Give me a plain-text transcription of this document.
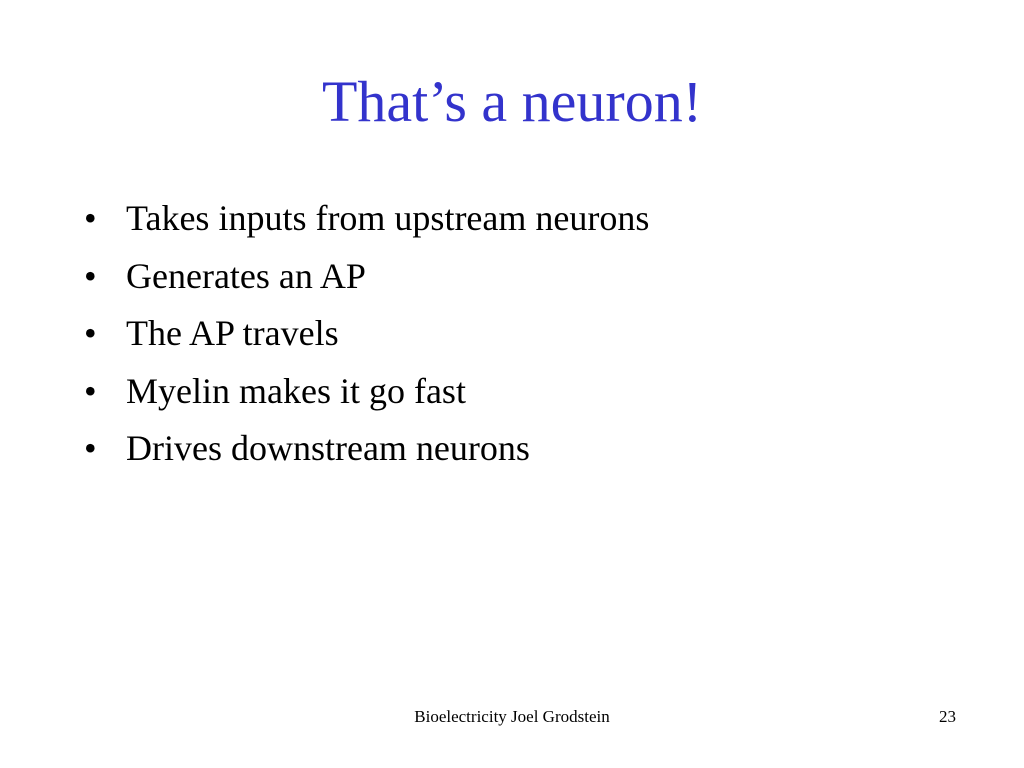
That’s a neuron!
• Takes inputs from upstream neurons
• Generates an AP
• The AP travels
• Myelin makes it go fast
• Drives downstream neurons
Bioelectricity Joel Grodstein	23
